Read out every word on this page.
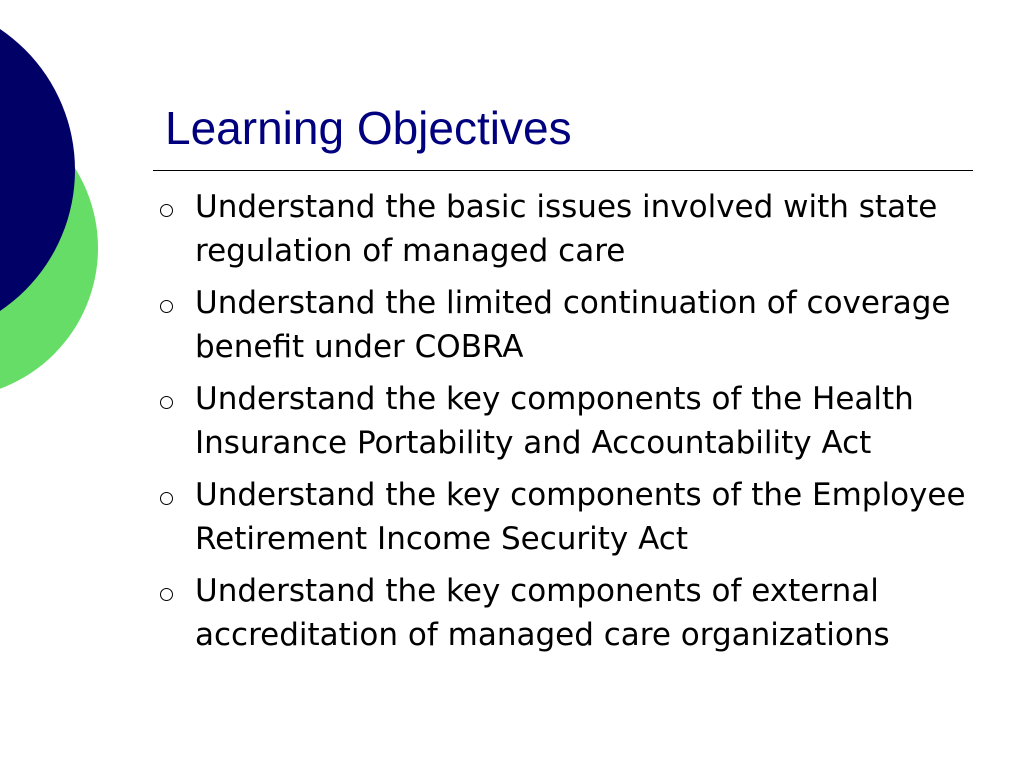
Learning Objectives
Understand the basic issues involved with state regulation of managed care
Understand the limited continuation of coverage benefit under COBRA
Understand the key components of the Health Insurance Portability and Accountability Act
Understand the key components of the Employee Retirement Income Security Act
Understand the key components of external accreditation of managed care organizations
